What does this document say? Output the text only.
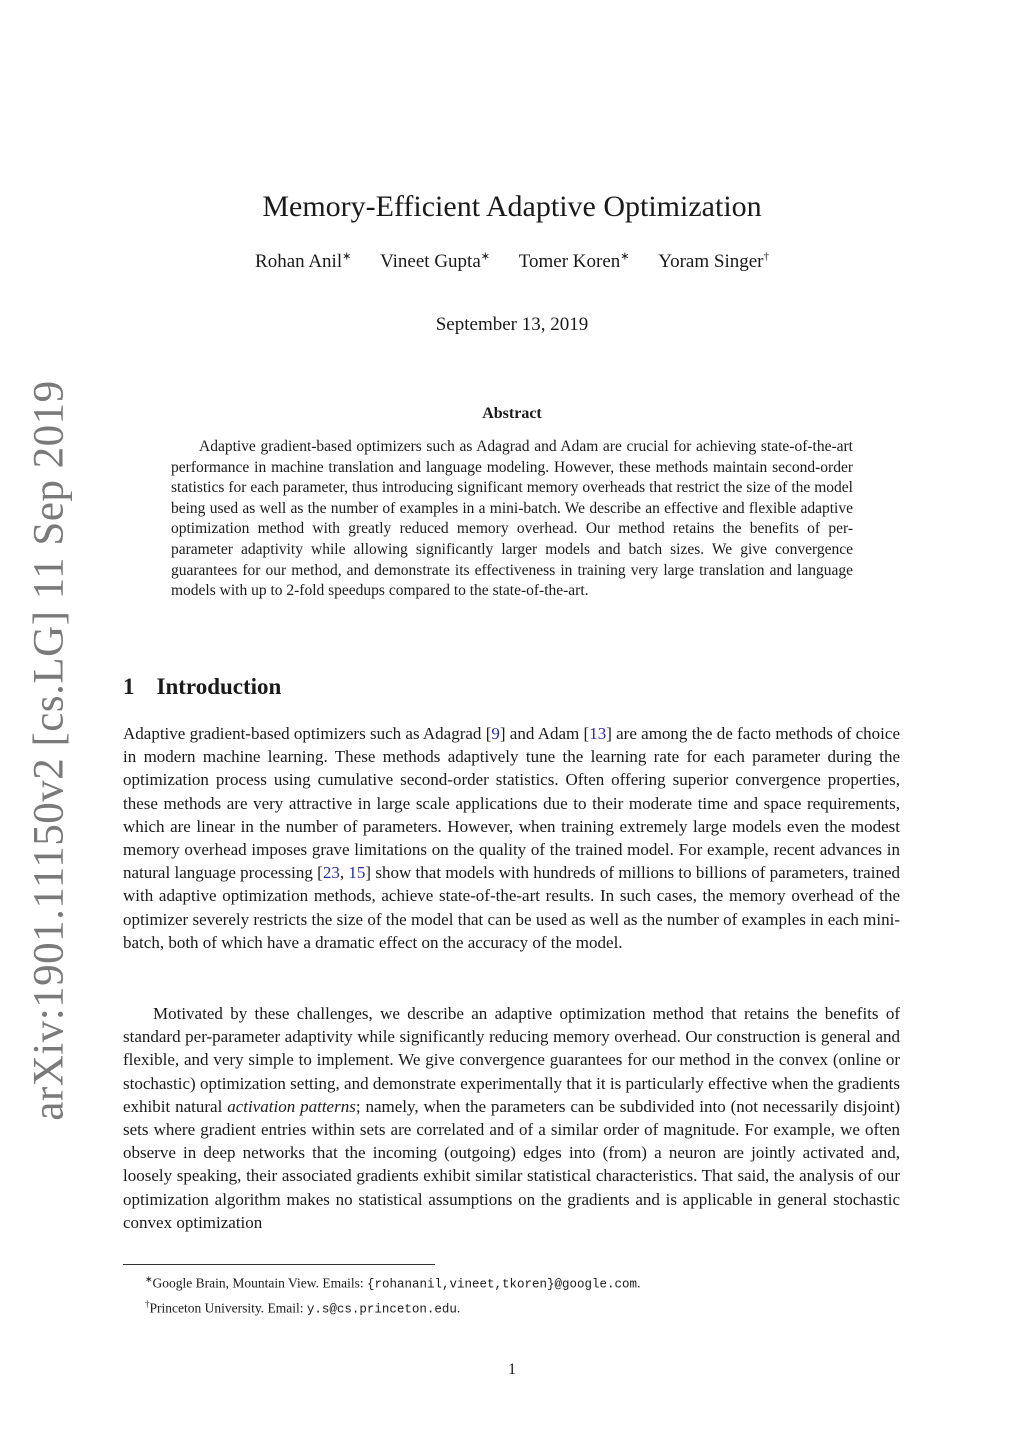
arXiv:1901.11150v2 [cs.LG] 11 Sep 2019
Memory-Efficient Adaptive Optimization
Rohan Anil∗ Vineet Gupta∗ Tomer Koren∗ Yoram Singer†
September 13, 2019
Abstract

Adaptive gradient-based optimizers such as Adagrad and Adam are crucial for achieving state-of-the-art performance in machine translation and language modeling. However, these methods maintain second-order statistics for each parameter, thus introducing significant memory overheads that restrict the size of the model being used as well as the number of examples in a mini-batch. We describe an effective and flexible adaptive optimization method with greatly reduced memory overhead. Our method retains the benefits of per-parameter adaptivity while allowing significantly larger models and batch sizes. We give convergence guarantees for our method, and demonstrate its effectiveness in training very large translation and language models with up to 2-fold speedups compared to the state-of-the-art.

1 Introduction

Adaptive gradient-based optimizers such as Adagrad [9] and Adam [13] are among the de facto methods of choice in modern machine learning. These methods adaptively tune the learning rate for each parameter during the optimization process using cumulative second-order statistics. Often offering superior convergence properties, these methods are very attractive in large scale applications due to their moderate time and space requirements, which are linear in the number of parameters. However, when training extremely large models even the modest memory overhead imposes grave limitations on the quality of the trained model. For example, recent advances in natural language processing [23, 15] show that models with hundreds of millions to billions of parameters, trained with adaptive optimization methods, achieve state-of-the-art results. In such cases, the memory overhead of the optimizer severely restricts the size of the model that can be used as well as the number of examples in each mini-batch, both of which have a dramatic effect on the accuracy of the model.

Motivated by these challenges, we describe an adaptive optimization method that retains the benefits of standard per-parameter adaptivity while significantly reducing memory overhead. Our construction is general and flexible, and very simple to implement. We give convergence guarantees for our method in the convex (online or stochastic) optimization setting, and demonstrate experimentally that it is particularly effective when the gradients exhibit natural activation patterns; namely, when the parameters can be subdivided into (not necessarily disjoint) sets where gradient entries within sets are correlated and of a similar order of magnitude. For example, we often observe in deep networks that the incoming (outgoing) edges into (from) a neuron are jointly activated and, loosely speaking, their associated gradients exhibit similar statistical characteristics. That said, the analysis of our optimization algorithm makes no statistical assumptions on the gradients and is applicable in general stochastic convex optimization

∗Google Brain, Mountain View. Emails: {rohananil,vineet,tkoren}@google.com.

†Princeton University. Email: y.s@cs.princeton.edu.

1
